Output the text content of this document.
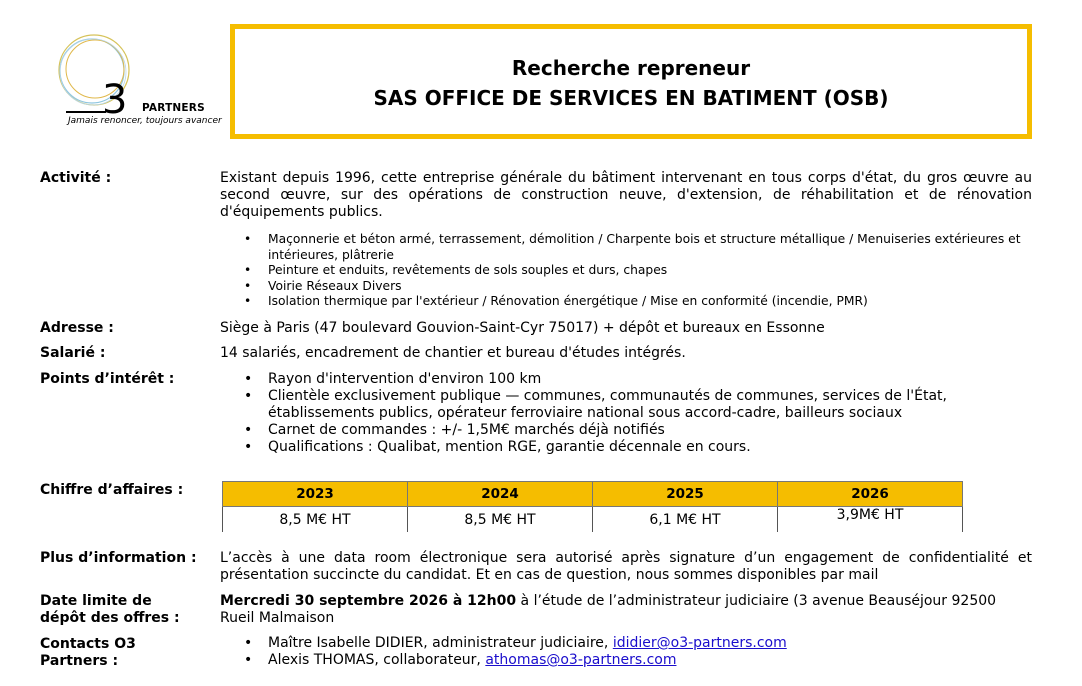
3 PARTNERS
Jamais renoncer, toujours avancer
Recherche repreneur
SAS OFFICE DE SERVICES EN BATIMENT (OSB)
Activité :	Existant depuis 1996, cette entreprise générale du bâtiment intervenant en tous corps d'état, du gros œuvre au second œuvre, sur des opérations de construction neuve, d'extension, de réhabilitation et de rénovation d'équipements publics.
• Maçonnerie et béton armé, terrassement, démolition / Charpente bois et structure métallique / Menuiseries extérieures et intérieures, plâtrerie
• Peinture et enduits, revêtements de sols souples et durs, chapes
• Voirie Réseaux Divers
• Isolation thermique par l'extérieur / Rénovation énergétique / Mise en conformité (incendie, PMR)
Adresse :	Siège à Paris (47 boulevard Gouvion-Saint-Cyr 75017) + dépôt et bureaux en Essonne
Salarié :	14 salariés, encadrement de chantier et bureau d'études intégrés.
Points d’intérêt :	• Rayon d'intervention d'environ 100 km
• Clientèle exclusivement publique — communes, communautés de communes, services de l'État, établissements publics, opérateur ferroviaire national sous accord-cadre, bailleurs sociaux
• Carnet de commandes : +/- 1,5M€ marchés déjà notifiés
• Qualifications : Qualibat, mention RGE, garantie décennale en cours.
Chiffre d’affaires :	2023	2024	2025	2026
8,5 M€ HT	8,5 M€ HT	6,1 M€ HT	3,9M€ HT
Plus d’information : L’accès à une data room électronique sera autorisé après signature d’un engagement de confidentialité et présentation succincte du candidat. Et en cas de question, nous sommes disponibles par mail
Date limite de
dépôt des offres :
Mercredi 30 septembre 2026 à 12h00 à l’étude de l’administrateur judiciaire (3 avenue Beauséjour 92500 Rueil Malmaison
Contacts O3
Partners :
• Maître Isabelle DIDIER, administrateur judiciaire, ididier@o3-partners.com
• Alexis THOMAS, collaborateur, athomas@o3-partners.com
